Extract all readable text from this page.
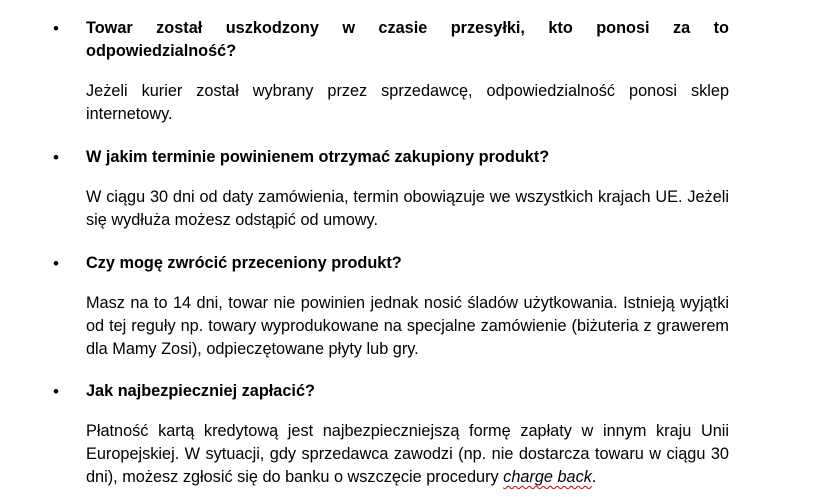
• Towar został uszkodzony w czasie przesyłki, kto ponosi za to
odpowiedzialność?
Jeżeli kurier został wybrany przez sprzedawcę, odpowiedzialność ponosi sklep internetowy.
• W jakim terminie powinienem otrzymać zakupiony produkt?
W ciągu 30 dni od daty zamówienia, termin obowiązuje we wszystkich krajach UE. Jeżeli się wydłuża możesz odstąpić od umowy.
• Czy mogę zwrócić przeceniony produkt?
Masz na to 14 dni, towar nie powinien jednak nosić śladów użytkowania. Istnieją wyjątki od tej reguły np. towary wyprodukowane na specjalne zamówienie (biżuteria z grawerem dla Mamy Zosi), odpieczętowane płyty lub gry.
• Jak najbezpieczniej zapłacić?
Płatność kartą kredytową jest najbezpieczniejszą formę zapłaty w innym kraju Unii Europejskiej. W sytuacji, gdy sprzedawca zawodzi (np. nie dostarcza towaru w ciągu 30 dni), możesz zgłosić się do banku o wszczęcie procedury charge back.
